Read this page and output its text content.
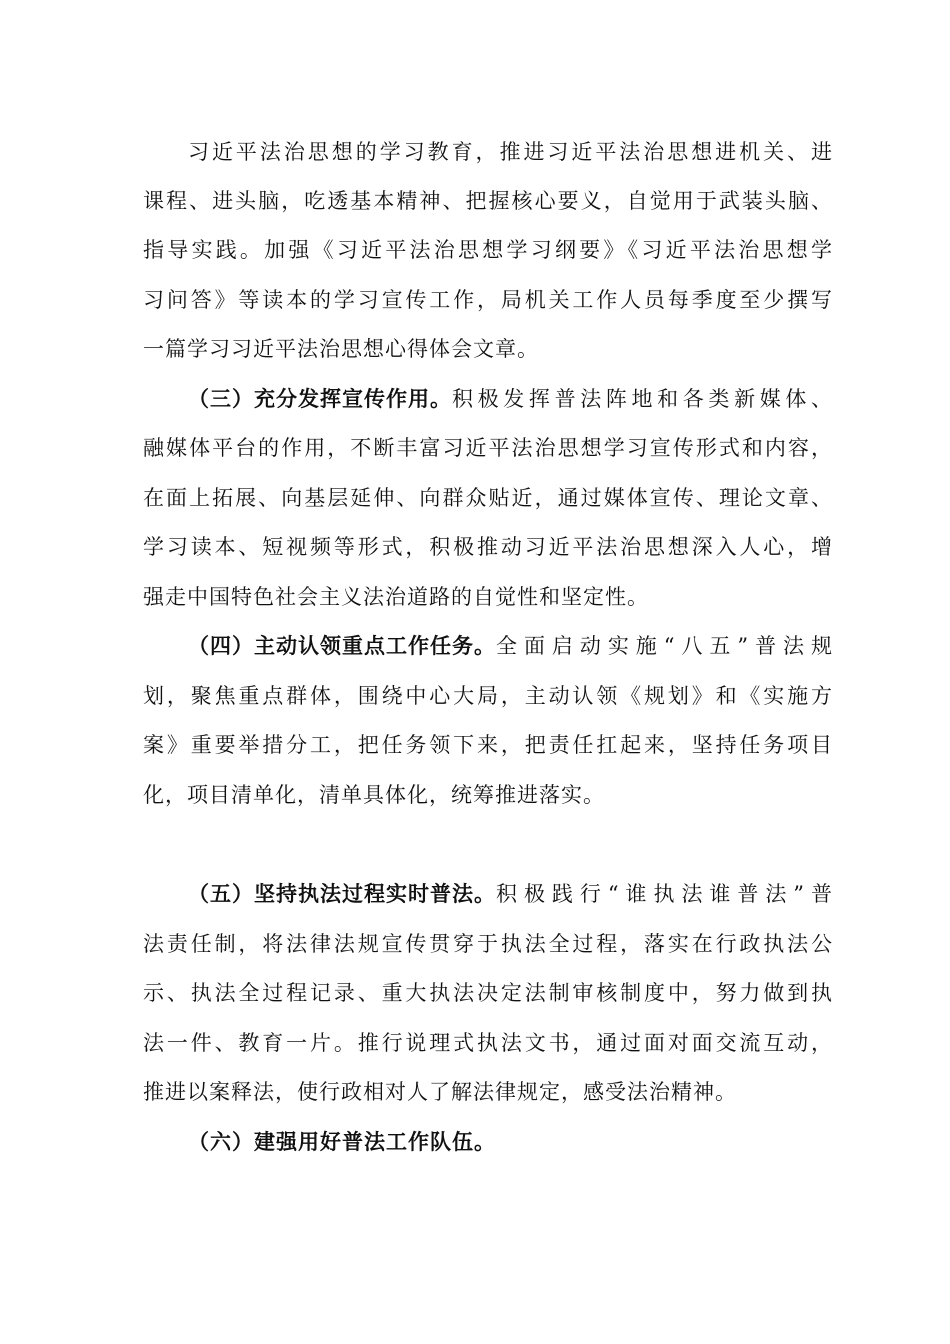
习近平法治思想的学习教育，推进习近平法治思想进机关、进
课程、进头脑，吃透基本精神、把握核心要义，自觉用于武装头脑、
指导实践。加强《习近平法治思想学习纲要》《习近平法治思想学
习问答》等读本的学习宣传工作，局机关工作人员每季度至少撰写
一篇学习习近平法治思想心得体会文章。
（三）充分发挥宣传作用。 积极发挥普法阵地和各类新媒体、
融媒体平台的作用，不断丰富习近平法治思想学习宣传形式和内容，
在面上拓展、向基层延伸、向群众贴近，通过媒体宣传、理论文章、
学习读本、短视频等形式，积极推动习近平法治思想深入人心，增
强走中国特色社会主义法治道路的自觉性和坚定性。
（四）主动认领重点工作任务。 全面启动实施“八五”普法规
划，聚焦重点群体，围绕中心大局，主动认领《规划》和《实施方
案》重要举措分工，把任务领下来，把责任扛起来，坚持任务项目
化，项目清单化，清单具体化，统筹推进落实。
（五）坚持执法过程实时普法。 积极践行“谁执法谁普法”普
法责任制，将法律法规宣传贯穿于执法全过程，落实在行政执法公
示、执法全过程记录、重大执法决定法制审核制度中，努力做到执
法一件、教育一片。推行说理式执法文书，通过面对面交流互动，
推进以案释法，使行政相对人了解法律规定，感受法治精神。
（六）建强用好普法工作队伍。
